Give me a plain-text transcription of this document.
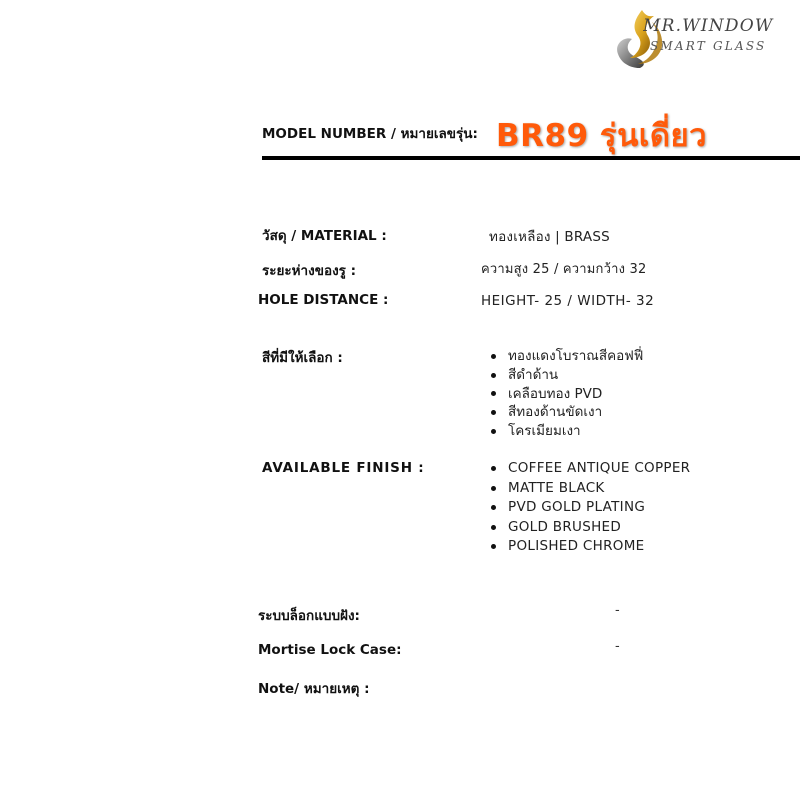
MR.WINDOW
SMART GLASS
MODEL NUMBER / หมายเลขรุ่น: BR89 รุ่นเดี่ยว
วัสดุ / MATERIAL :	ทองเหลือง | BRASS
ระยะห่างของรู :	ความสูง 25 / ความกว้าง 32
HOLE DISTANCE :	HEIGHT- 25 / WIDTH- 32
สีที่มีให้เลือก :	ทองแดงโบราณสีคอฟฟี่
สีดำด้าน
เคลือบทอง PVD
สีทองด้านขัดเงา
โครเมียมเงา
AVAILABLE FINISH :	COFFEE ANTIQUE COPPER
MATTE BLACK
PVD GOLD PLATING
GOLD BRUSHED
POLISHED CHROME
ระบบล็อกแบบฝัง:	-
Mortise Lock Case:	-
Note/ หมายเหตุ :
